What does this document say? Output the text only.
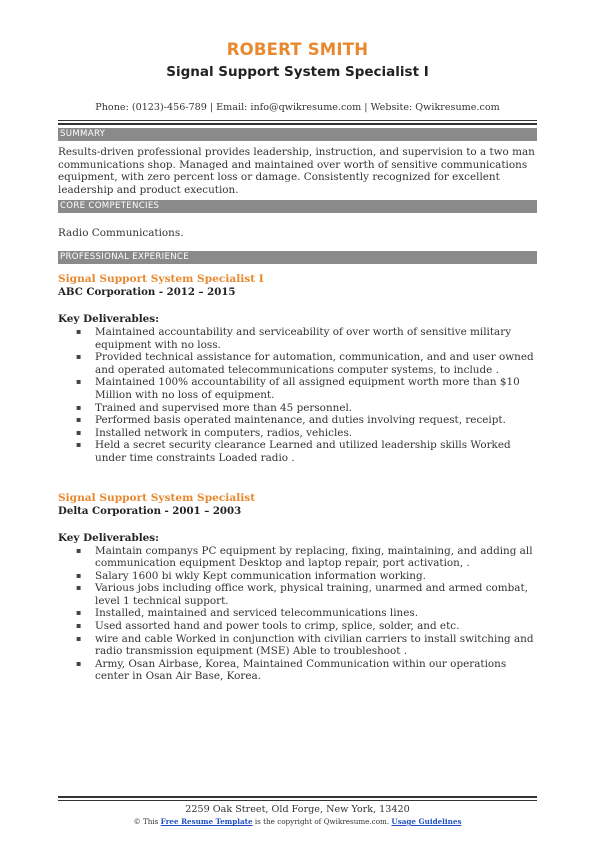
ROBERT SMITH
Signal Support System Specialist I
Phone: (0123)-456-789 | Email: info@qwikresume.com | Website: Qwikresume.com
SUMMARY
Results-driven professional provides leadership, instruction, and supervision to a two man communications shop. Managed and maintained over worth of sensitive communications equipment, with zero percent loss or damage. Consistently recognized for excellent leadership and product execution.
CORE COMPETENCIES
Radio Communications.
PROFESSIONAL EXPERIENCE
Signal Support System Specialist I
ABC Corporation - 2012 – 2015
Key Deliverables:
▪ Maintained accountability and serviceability of over worth of sensitive military equipment with no loss.
▪ Provided technical assistance for automation, communication, and and user owned and operated automated telecommunications computer systems, to include .
▪ Maintained 100% accountability of all assigned equipment worth more than $10 Million with no loss of equipment.
▪ Trained and supervised more than 45 personnel.
▪ Performed basis operated maintenance, and duties involving request, receipt.
▪ Installed network in computers, radios, vehicles.
▪ Held a secret security clearance Learned and utilized leadership skills Worked under time constraints Loaded radio .
Signal Support System Specialist
Delta Corporation - 2001 – 2003
Key Deliverables:
▪ Maintain companys PC equipment by replacing, fixing, maintaining, and adding all communication equipment Desktop and laptop repair, port activation, .
▪ Salary 1600 bi wkly Kept communication information working.
▪ Various jobs including office work, physical training, unarmed and armed combat, level 1 technical support.
▪ Installed, maintained and serviced telecommunications lines.
▪ Used assorted hand and power tools to crimp, splice, solder, and etc.
▪ wire and cable Worked in conjunction with civilian carriers to install switching and radio transmission equipment (MSE) Able to troubleshoot .
▪ Army, Osan Airbase, Korea, Maintained Communication within our operations center in Osan Air Base, Korea.
2259 Oak Street, Old Forge, New York, 13420
© This Free Resume Template is the copyright of Qwikresume.com. Usage Guidelines
